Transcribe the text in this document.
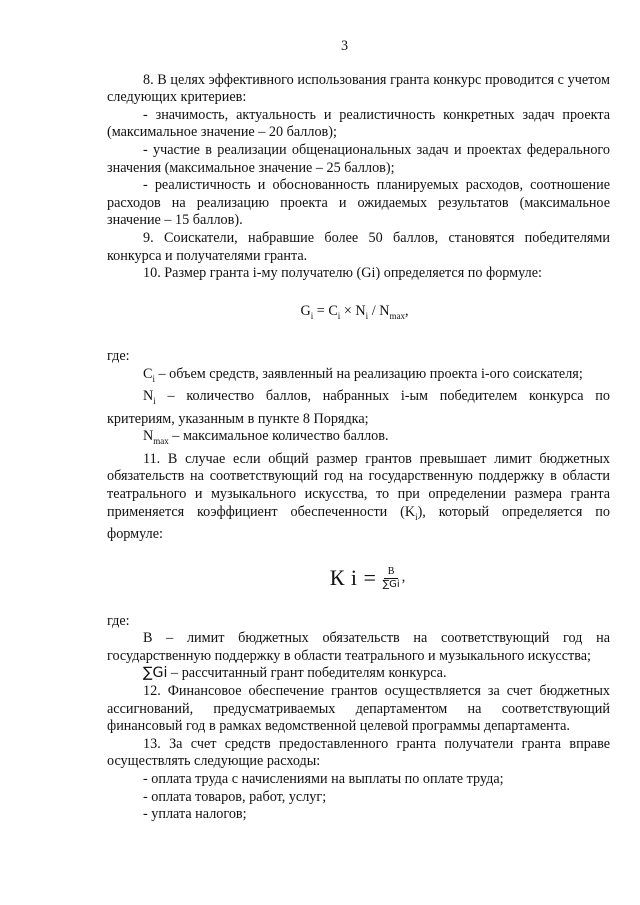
3

8. В целях эффективного использования гранта конкурс проводится с учетом следующих критериев:

- значимость, актуальность и реалистичность конкретных задач проекта (максимальное значение – 20 баллов);

- участие в реализации общенациональных задач и проектах федерального значения (максимальное значение – 25 баллов);

- реалистичность и обоснованность планируемых расходов, соотношение расходов на реализацию проекта и ожидаемых результатов (максимальное значение – 15 баллов).

9. Соискатели, набравшие более 50 баллов, становятся победителями конкурса и получателями гранта.

10. Размер гранта i-му получателю (Gi) определяется по формуле:

$G_i = C_i \times N_i / N_{max}$,

где:

$C_i$ – объем средств, заявленный на реализацию проекта i-ого соискателя;

$N_i$ – количество баллов, набранных i-ым победителем конкурса по критериям, указанным в пункте 8 Порядка;

$N_{max}$ – максимальное количество баллов.

11. В случае если общий размер грантов превышает лимит бюджетных обязательств на соответствующий год на государственную поддержку в области театрального и музыкального искусства, то при определении размера гранта применяется коэффициент обеспеченности $(K_i)$, который определяется по формуле:

К $i = \frac{B}{\sum Gi}$ ,

где:

В – лимит бюджетных обязательств на соответствующий год на государственную поддержку в области театрального и музыкального искусства;

∑Gi – рассчитанный грант победителям конкурса.

12. Финансовое обеспечение грантов осуществляется за счет бюджетных ассигнований, предусматриваемых департаментом на соответствующий финансовый год в рамках ведомственной целевой программы департамента.

13. За счет средств предоставленного гранта получатели гранта вправе осуществлять следующие расходы:

- оплата труда с начислениями на выплаты по оплате труда;

- оплата товаров, работ, услуг;

- уплата налогов;
